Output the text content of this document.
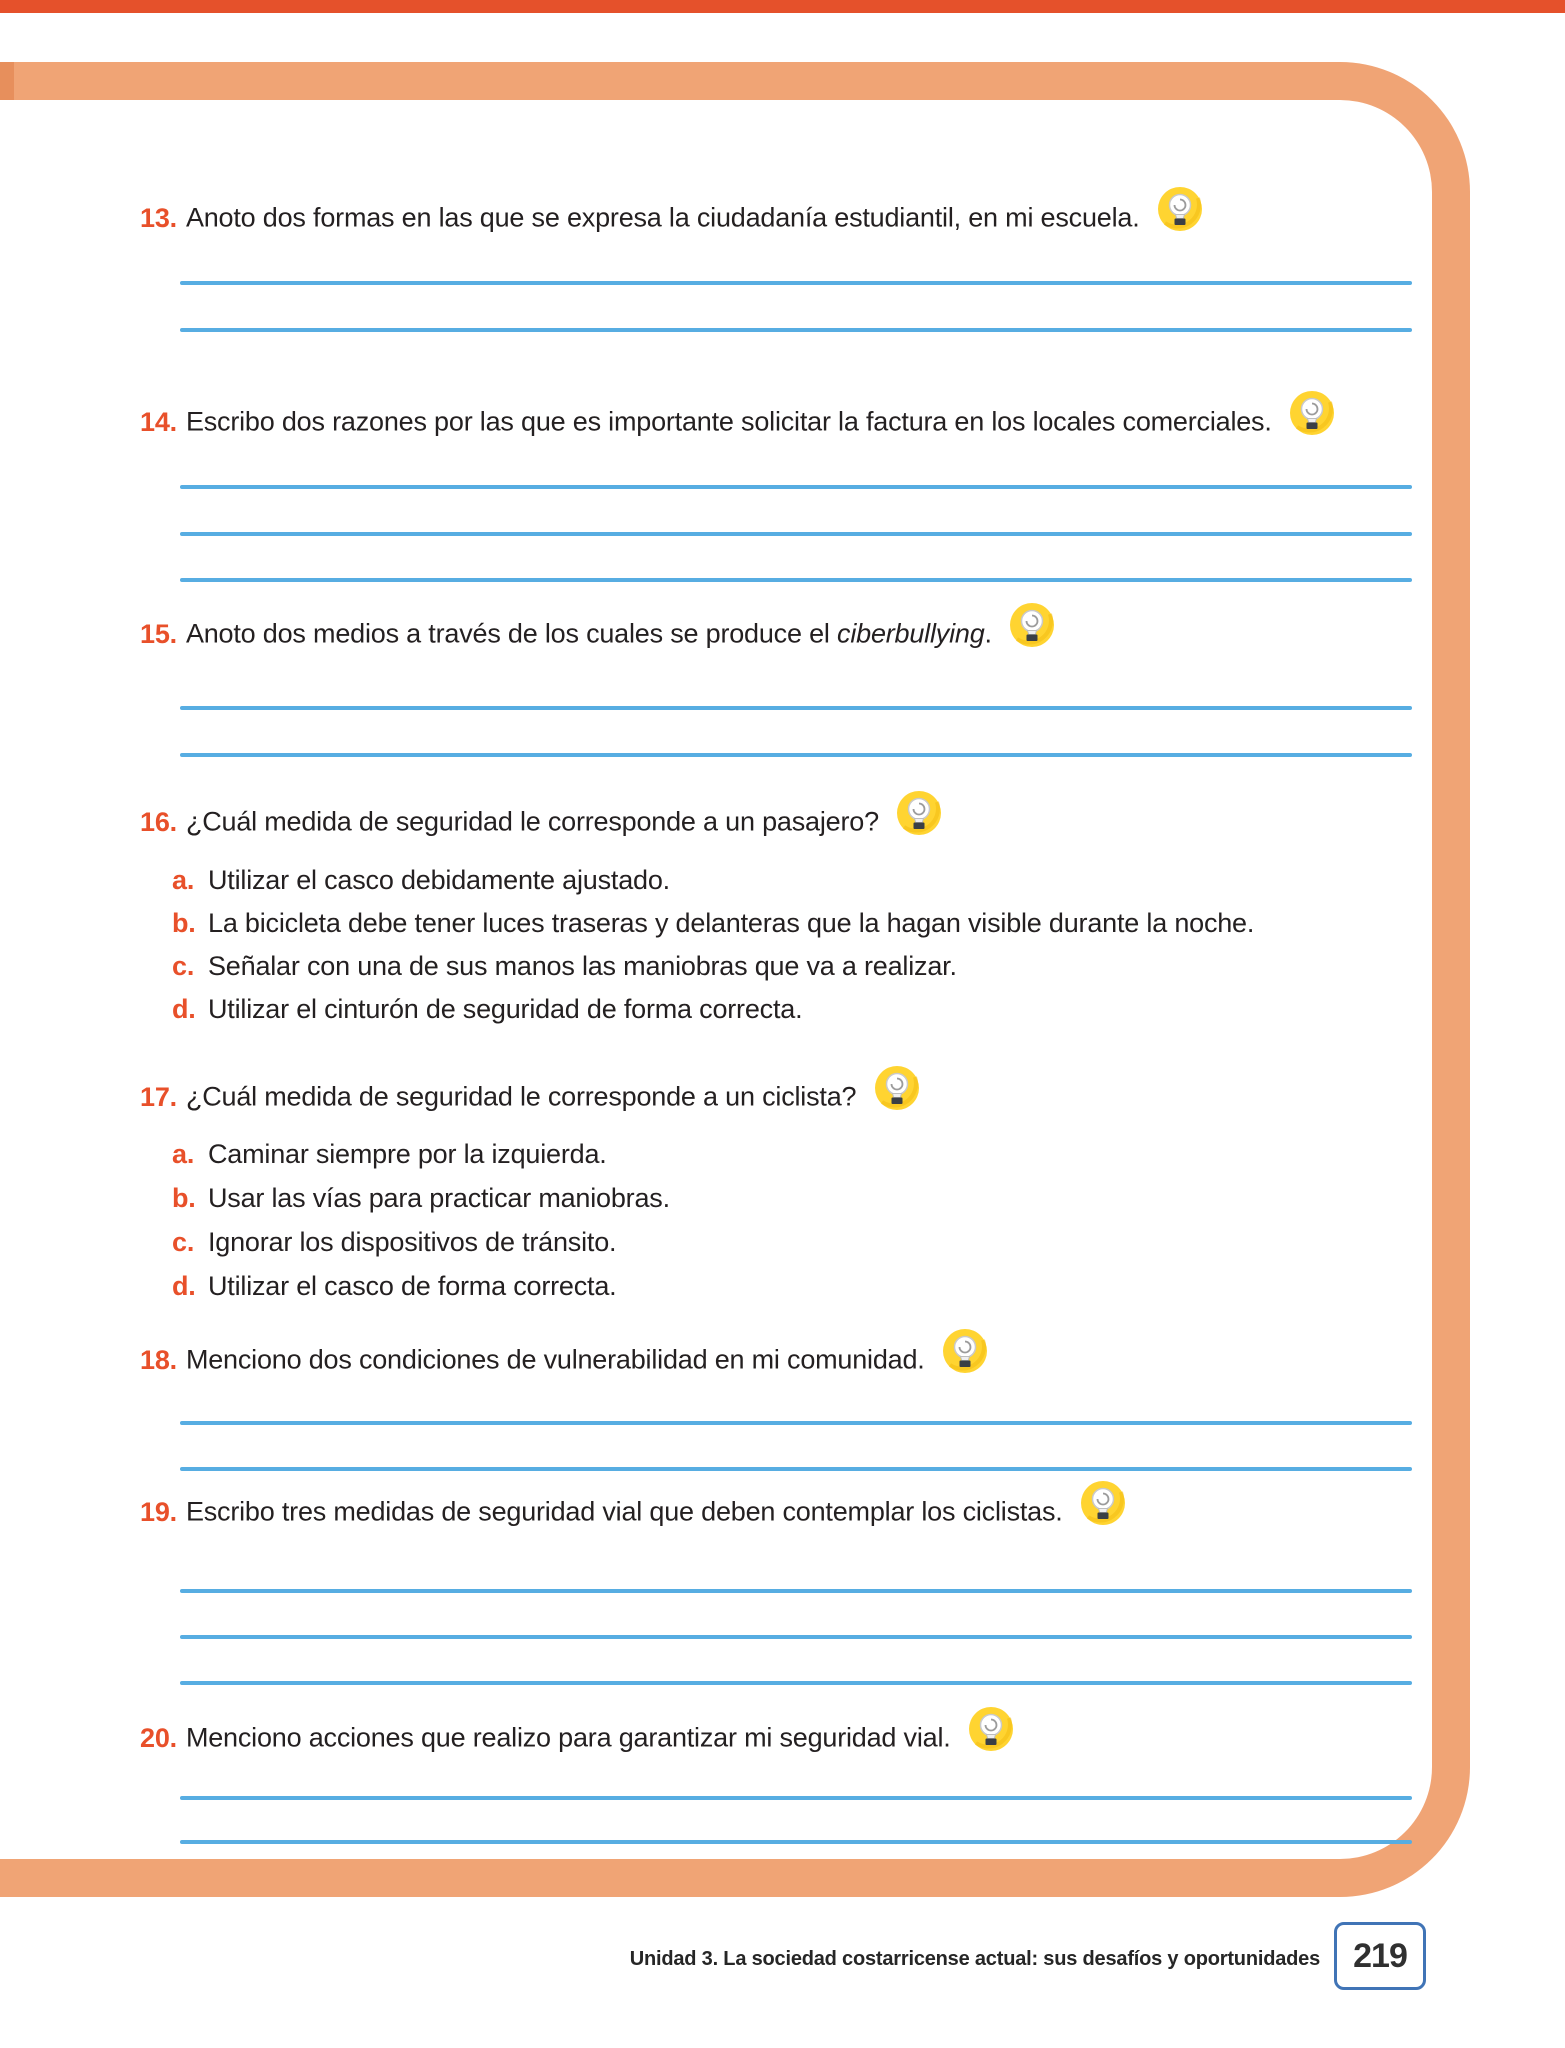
13. Anoto dos formas en las que se expresa la ciudadanía estudiantil, en mi escuela.
14. Escribo dos razones por las que es importante solicitar la factura en los locales comerciales.
15. Anoto dos medios a través de los cuales se produce el ciberbullying.
16. ¿Cuál medida de seguridad le corresponde a un pasajero?
a. Utilizar el casco debidamente ajustado.
b. La bicicleta debe tener luces traseras y delanteras que la hagan visible durante la noche.
c. Señalar con una de sus manos las maniobras que va a realizar.
d. Utilizar el cinturón de seguridad de forma correcta.
17. ¿Cuál medida de seguridad le corresponde a un ciclista?
a. Caminar siempre por la izquierda.
b. Usar las vías para practicar maniobras.
c. Ignorar los dispositivos de tránsito.
d. Utilizar el casco de forma correcta.
18. Menciono dos condiciones de vulnerabilidad en mi comunidad.
19. Escribo tres medidas de seguridad vial que deben contemplar los ciclistas.
20. Menciono acciones que realizo para garantizar mi seguridad vial.
Unidad 3. La sociedad costarricense actual: sus desafíos y oportunidades 219
